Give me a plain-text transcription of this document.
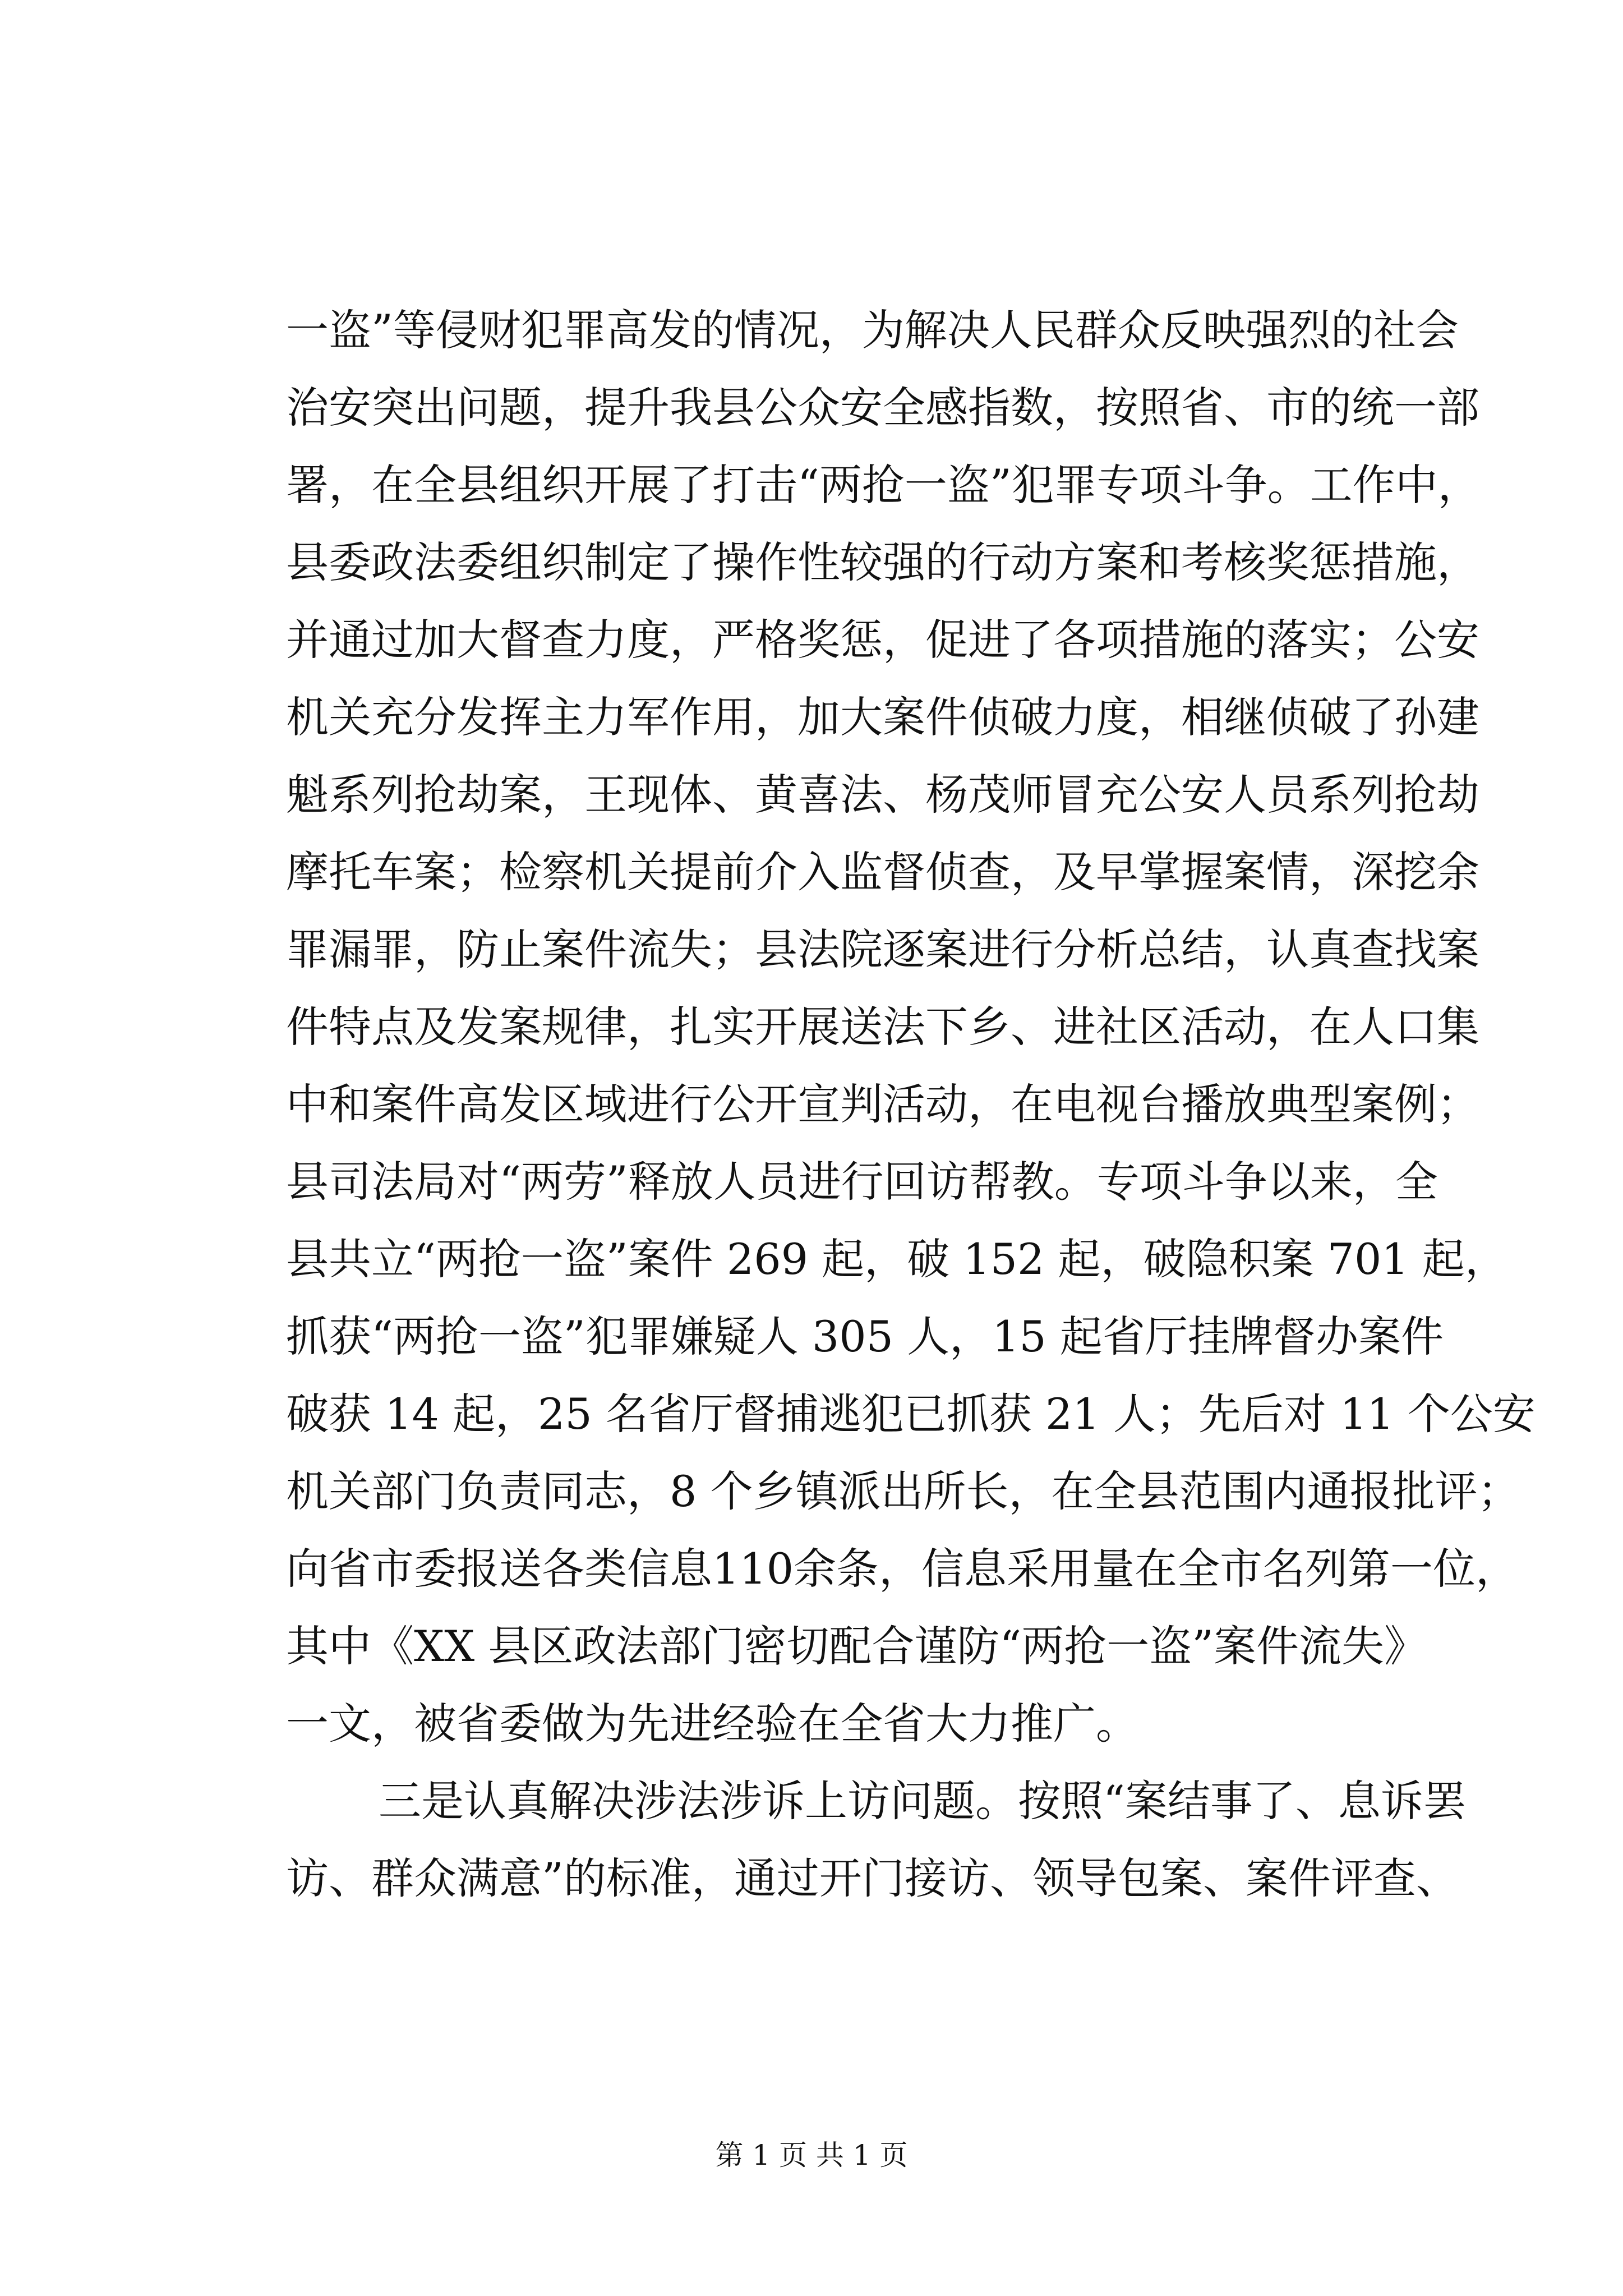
一盗”等侵财犯罪高发的情况，为解决人民群众反映强烈的社会
治安突出问题，提升我县公众安全感指数，按照省、市的统一部
署，在全县组织开展了打击“两抢一盗”犯罪专项斗争。工作中，
县委政法委组织制定了操作性较强的行动方案和考核奖惩措施，
并通过加大督查力度，严格奖惩，促进了各项措施的落实；公安
机关充分发挥主力军作用，加大案件侦破力度，相继侦破了孙建
魁系列抢劫案，王现体、黄喜法、杨茂师冒充公安人员系列抢劫
摩托车案；检察机关提前介入监督侦查，及早掌握案情，深挖余
罪漏罪，防止案件流失；县法院逐案进行分析总结，认真查找案
件特点及发案规律，扎实开展送法下乡、进社区活动，在人口集
中和案件高发区域进行公开宣判活动，在电视台播放典型案例；
县司法局对“两劳”释放人员进行回访帮教。专项斗争以来，全
县共立“两抢一盗”案件 269 起，破 152 起，破隐积案 701 起，
抓获“两抢一盗”犯罪嫌疑人 305 人，15 起省厅挂牌督办案件
破获 14 起，25 名省厅督捕逃犯已抓获 21 人；先后对 11 个公安
机关部门负责同志，8 个乡镇派出所长，在全县范围内通报批评；
向省市委报送各类信息110余条，信息采用量在全市名列第一位，
其中《XX 县区政法部门密切配合谨防“两抢一盗”案件流失》
一文，被省委做为先进经验在全省大力推广。
三是认真解决涉法涉诉上访问题。按照“案结事了、息诉罢
访、群众满意”的标准，通过开门接访、领导包案、案件评查、
第 1 页 共 1 页
